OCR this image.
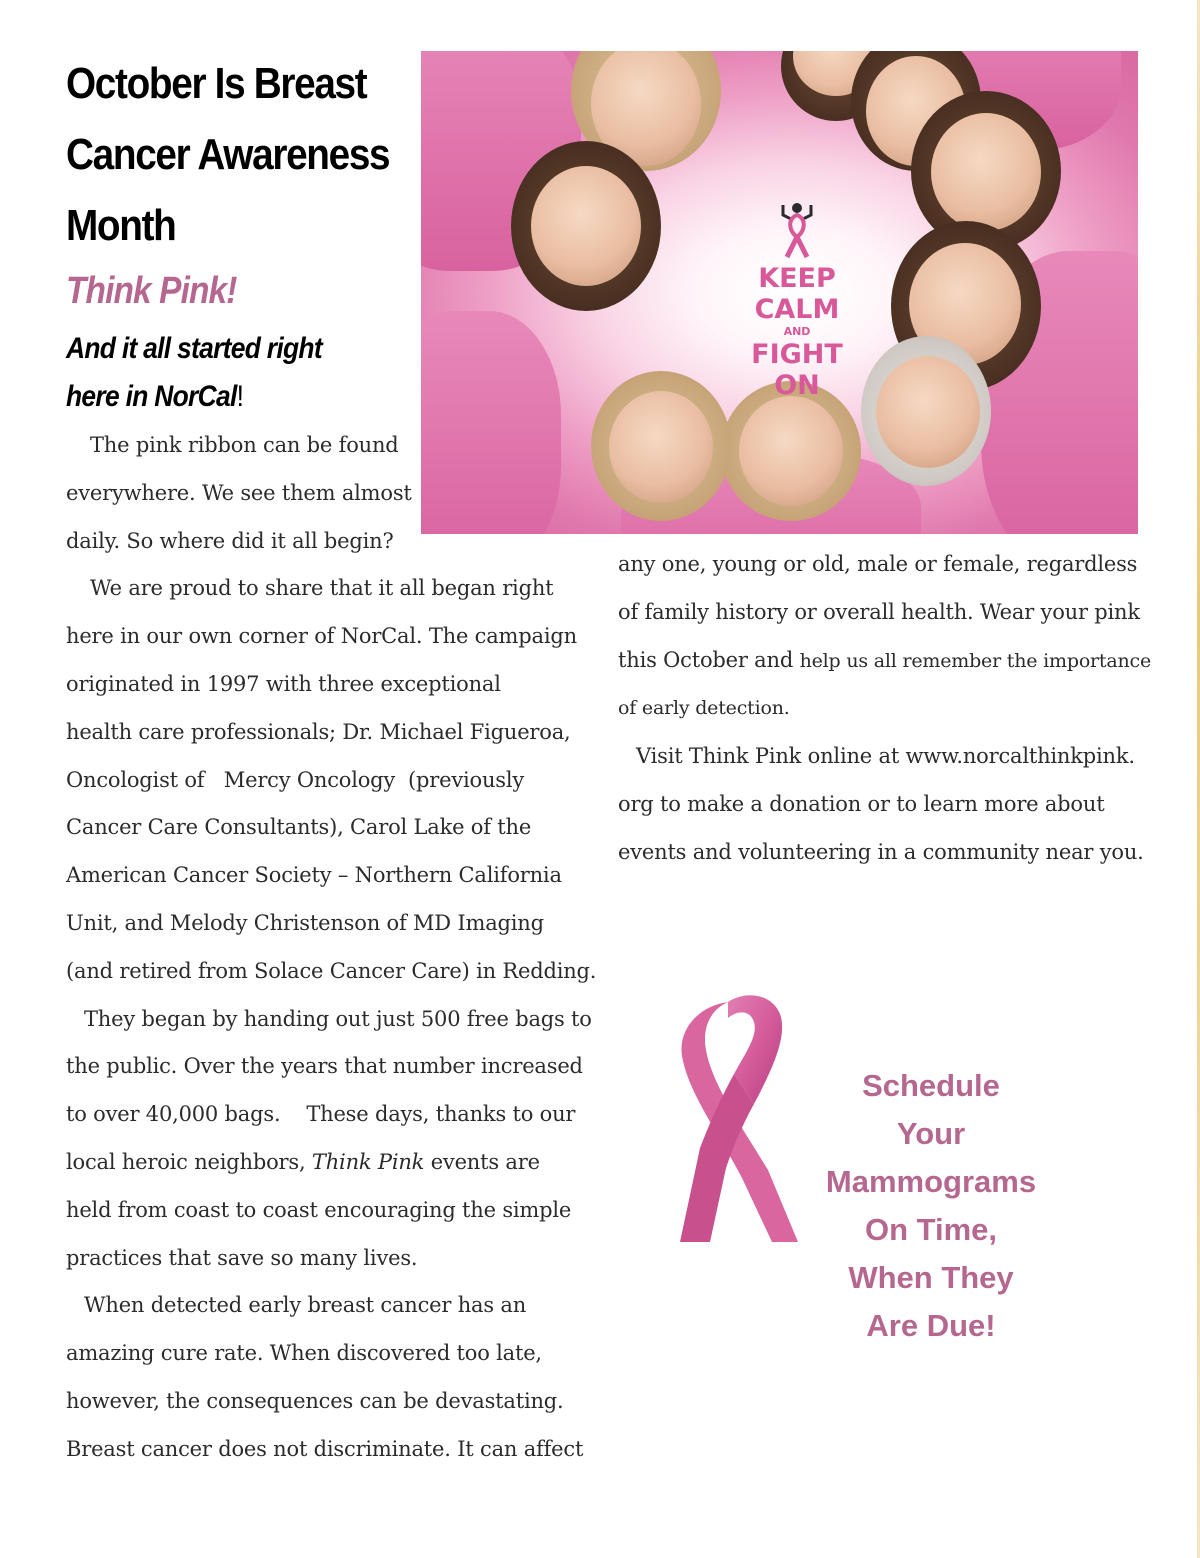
October Is Breast
Cancer Awareness
Month
Think Pink!
And it all started right
here in NorCal!
KEEP
CALM
AND
FIGHT
ON
The pink ribbon can be found
everywhere. We see them almost
daily. So where did it all begin?
We are proud to share that it all began right
here in our own corner of NorCal. The campaign
originated in 1997 with three exceptional
health care professionals; Dr. Michael Figueroa,
Oncologist of   Mercy Oncology  (previously
Cancer Care Consultants), Carol Lake of the
American Cancer Society – Northern California
Unit, and Melody Christenson of MD Imaging
(and retired from Solace Cancer Care) in Redding.
They began by handing out just 500 free bags to
the public. Over the years that number increased
to over 40,000 bags.    These days, thanks to our
local heroic neighbors, Think Pink events are
held from coast to coast encouraging the simple
practices that save so many lives.
When detected early breast cancer has an
amazing cure rate. When discovered too late,
however, the consequences can be devastating.
Breast cancer does not discriminate. It can affect
any one, young or old, male or female, regardless
of family history or overall health. Wear your pink
this October and help us all remember the importance
of early detection.
Visit Think Pink online at www.norcalthinkpink.
org to make a donation or to learn more about
events and volunteering in a community near you.
Schedule
Your
Mammograms
On Time,
When They
Are Due!
